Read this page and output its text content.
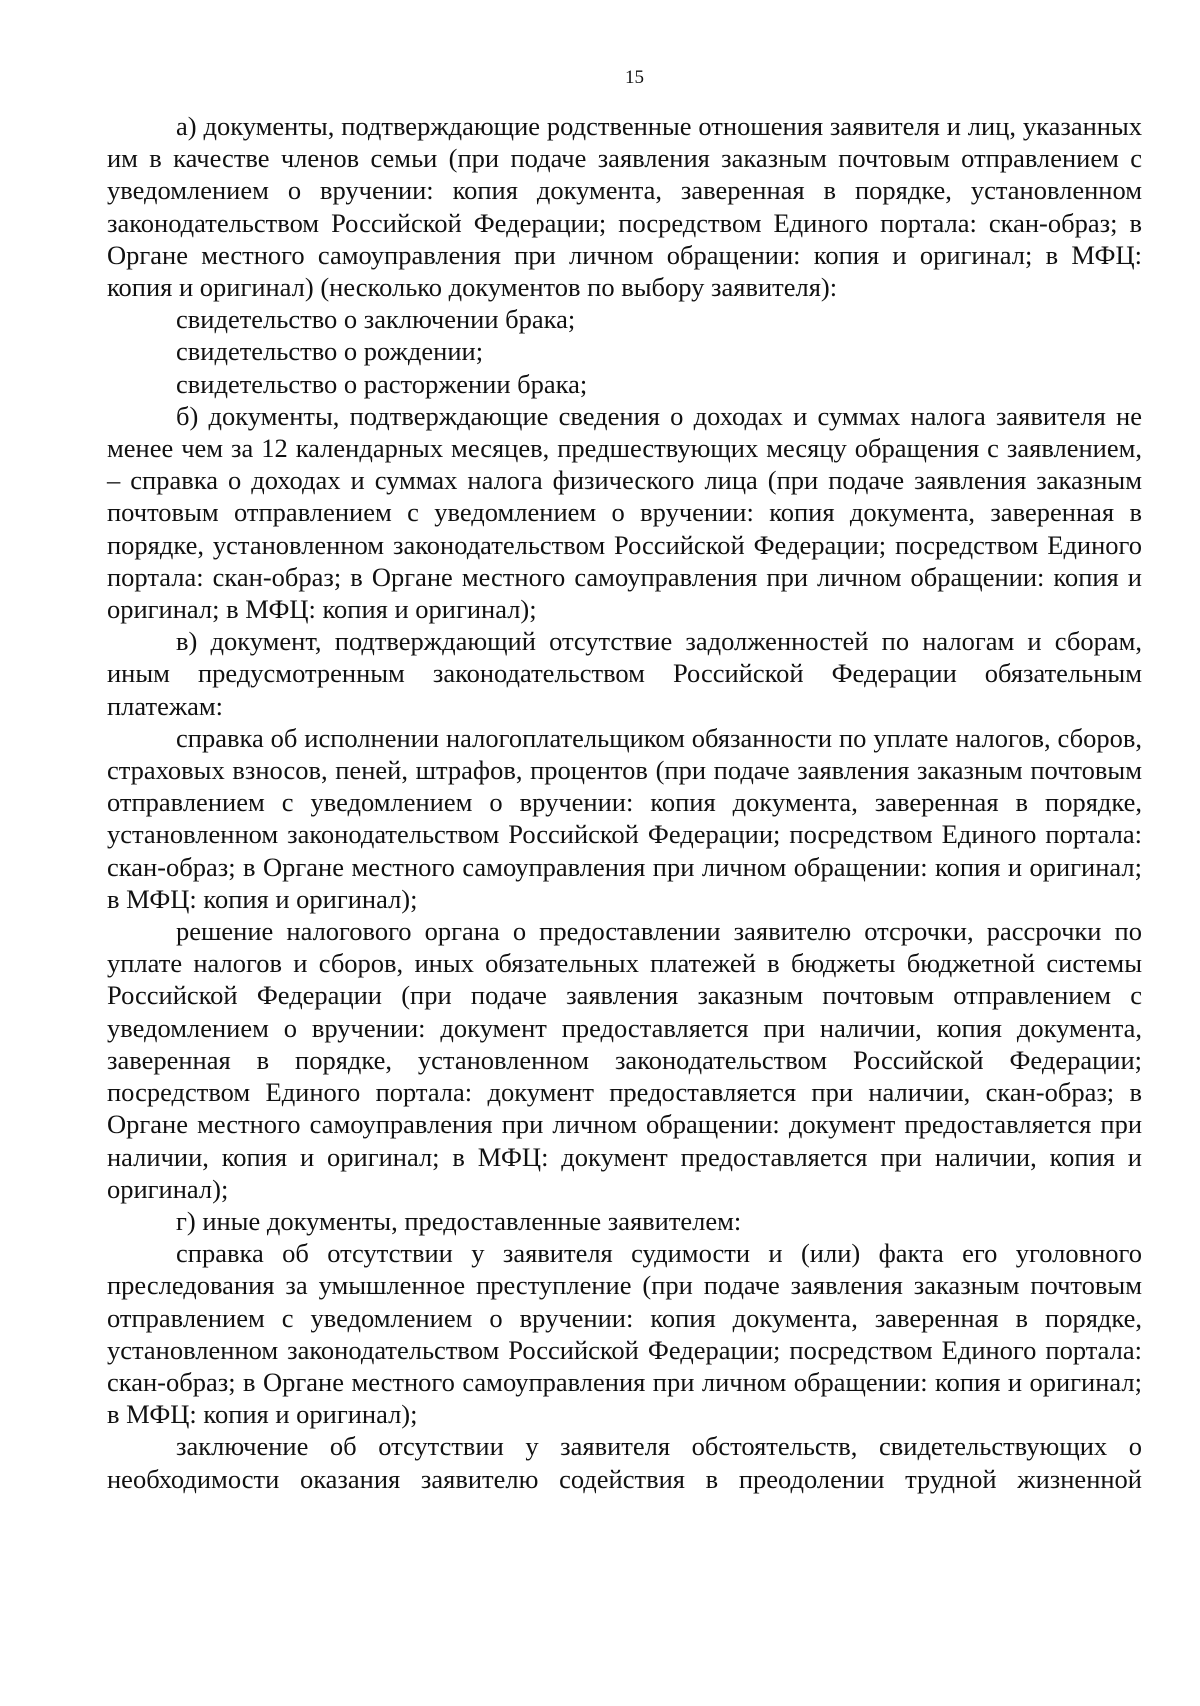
15

а) документы, подтверждающие родственные отношения заявителя и лиц, указанных им в качестве членов семьи (при подаче заявления заказным почтовым отправлением с уведомлением о вручении: копия документа, заверенная в порядке, установленном законодательством Российской Федерации; посредством Единого портала: скан-образ; в Органе местного самоуправления при личном обращении: копия и оригинал; в МФЦ: копия и оригинал) (несколько документов по выбору заявителя):

свидетельство о заключении брака;

свидетельство о рождении;

свидетельство о расторжении брака;

б) документы, подтверждающие сведения о доходах и суммах налога заявителя не менее чем за 12 календарных месяцев, предшествующих месяцу обращения с заявлением, – справка о доходах и суммах налога физического лица (при подаче заявления заказным почтовым отправлением с уведомлением о вручении: копия документа, заверенная в порядке, установленном законодательством Российской Федерации; посредством Единого портала: скан-образ; в Органе местного самоуправления при личном обращении: копия и оригинал; в МФЦ: копия и оригинал);

в) документ, подтверждающий отсутствие задолженностей по налогам и сборам, иным предусмотренным законодательством Российской Федерации обязательным платежам:

справка об исполнении налогоплательщиком обязанности по уплате налогов, сборов, страховых взносов, пеней, штрафов, процентов (при подаче заявления заказным почтовым отправлением с уведомлением о вручении: копия документа, заверенная в порядке, установленном законодательством Российской Федерации; посредством Единого портала: скан-образ; в Органе местного самоуправления при личном обращении: копия и оригинал; в МФЦ: копия и оригинал);

решение налогового органа о предоставлении заявителю отсрочки, рассрочки по уплате налогов и сборов, иных обязательных платежей в бюджеты бюджетной системы Российской Федерации (при подаче заявления заказным почтовым отправлением с уведомлением о вручении: документ предоставляется при наличии, копия документа, заверенная в порядке, установленном законодательством Российской Федерации; посредством Единого портала: документ предоставляется при наличии, скан-образ; в Органе местного самоуправления при личном обращении: документ предоставляется при наличии, копия и оригинал; в МФЦ: документ предоставляется при наличии, копия и оригинал);

г) иные документы, предоставленные заявителем:

справка об отсутствии у заявителя судимости и (или) факта его уголовного преследования за умышленное преступление (при подаче заявления заказным почтовым отправлением с уведомлением о вручении: копия документа, заверенная в порядке, установленном законодательством Российской Федерации; посредством Единого портала: скан-образ; в Органе местного самоуправления при личном обращении: копия и оригинал; в МФЦ: копия и оригинал);

заключение об отсутствии у заявителя обстоятельств, свидетельствующих о необходимости оказания заявителю содействия в преодолении трудной жизненной
